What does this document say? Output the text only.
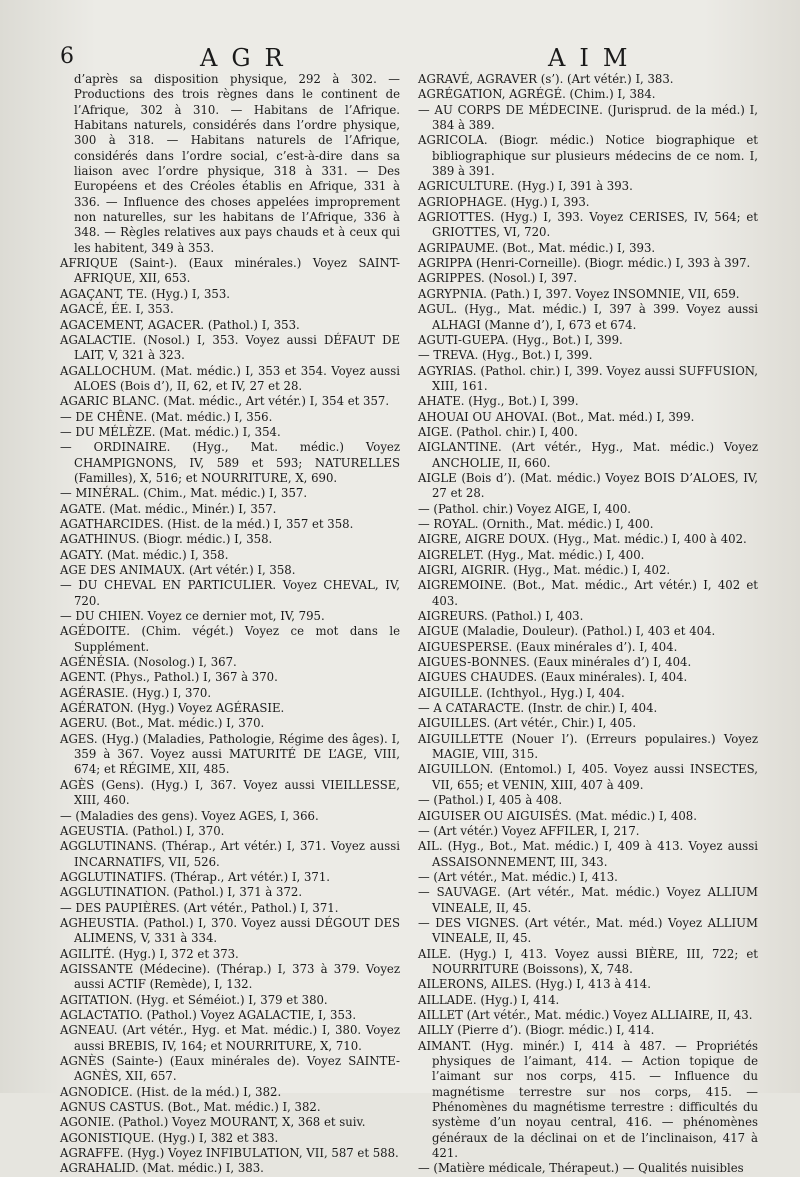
6	AGR	AIM
d’après sa disposition physique, 292 à 302. — Productions des trois règnes dans le continent de l’Afrique, 302 à 310. — Habitans de l’Afrique. Habitans naturels, considérés dans l’ordre physique, 300 à 318. — Habitans naturels de l’Afrique, considérés dans l’ordre social, c’est-à-dire dans sa liaison avec l’ordre physique, 318 à 331. — Des Européens et des Créoles établis en Afrique, 331 à 336. — Influence des choses appelées improprement non naturelles, sur les habitans de l’Afrique, 336 à 348. — Règles relatives aux pays chauds et à ceux qui les habitent, 349 à 353.
AFRIQUE (Saint-). (Eaux minérales.) Voyez SAINT-AFRIQUE, XII, 653.
AGAÇANT, TE. (Hyg.) I, 353.
AGACÉ, ÉE. I, 353.
AGACEMENT, AGACER. (Pathol.) I, 353.
AGALACTIE. (Nosol.) I, 353. Voyez aussi DÉFAUT DE LAIT, V, 321 à 323.
AGALLOCHUM. (Mat. médic.) I, 353 et 354. Voyez aussi ALOES (Bois d’), II, 62, et IV, 27 et 28.
AGARIC BLANC. (Mat. médic., Art vétér.) I, 354 et 357.
— DE CHÊNE. (Mat. médic.) I, 356.
— DU MÉLÈZE. (Mat. médic.) I, 354.
— ORDINAIRE. (Hyg., Mat. médic.) Voyez CHAMPIGNONS, IV, 589 et 593; NATURELLES (Familles), X, 516; et NOURRITURE, X, 690.
— MINÉRAL. (Chim., Mat. médic.) I, 357.
AGATE. (Mat. médic., Minér.) I, 357.
AGATHARCIDES. (Hist. de la méd.) I, 357 et 358.
AGATHINUS. (Biogr. médic.) I, 358.
AGATY. (Mat. médic.) I, 358.
AGE DES ANIMAUX. (Art vétér.) I, 358.
— DU CHEVAL EN PARTICULIER. Voyez CHEVAL, IV, 720.
— DU CHIEN. Voyez ce dernier mot, IV, 795.
AGÉDOITE. (Chim. végét.) Voyez ce mot dans le Supplément.
AGÉNÉSIA. (Nosolog.) I, 367.
AGENT. (Phys., Pathol.) I, 367 à 370.
AGÉRASIE. (Hyg.) I, 370.
AGÉRATON. (Hyg.) Voyez AGÉRASIE.
AGERU. (Bot., Mat. médic.) I, 370.
AGES. (Hyg.) (Maladies, Pathologie, Régime des âges). I, 359 à 367. Voyez aussi MATURITÉ DE L’AGE, VIII, 674; et RÉGIME, XII, 485.
AGÈS (Gens). (Hyg.) I, 367. Voyez aussi VIEILLESSE, XIII, 460.
— (Maladies des gens). Voyez AGES, I, 366.
AGEUSTIA. (Pathol.) I, 370.
AGGLUTINANS. (Thérap., Art vétér.) I, 371. Voyez aussi INCARNATIFS, VII, 526.
AGGLUTINATIFS. (Thérap., Art vétér.) I, 371.
AGGLUTINATION. (Pathol.) I, 371 à 372.
— DES PAUPIÈRES. (Art vétér., Pathol.) I, 371.
AGHEUSTIA. (Pathol.) I, 370. Voyez aussi DÉGOUT DES ALIMENS, V, 331 à 334.
AGILITÉ. (Hyg.) I, 372 et 373.
AGISSANTE (Médecine). (Thérap.) I, 373 à 379. Voyez aussi ACTIF (Remède), I, 132.
AGITATION. (Hyg. et Séméiot.) I, 379 et 380.
AGLACTATIO. (Pathol.) Voyez AGALACTIE, I, 353.
AGNEAU. (Art vétér., Hyg. et Mat. médic.) I, 380. Voyez aussi BREBIS, IV, 164; et NOURRITURE, X, 710.
AGNÈS (Sainte-) (Eaux minérales de). Voyez SAINTE-AGNÈS, XII, 657.
AGNODICE. (Hist. de la méd.) I, 382.
AGNUS CASTUS. (Bot., Mat. médic.) I, 382.
AGONIE. (Pathol.) Voyez MOURANT, X, 368 et suiv.
AGONISTIQUE. (Hyg.) I, 382 et 383.
AGRAFFE. (Hyg.) Voyez INFIBULATION, VII, 587 et 588.
AGRAHALID. (Mat. médic.) I, 383.
AGRAVÉ, AGRAVER (s’). (Art vétér.) I, 383.
AGRÉGATION, AGRÉGÉ. (Chim.) I, 384.
— AU CORPS DE MÉDECINE. (Jurisprud. de la méd.) I, 384 à 389.
AGRICOLA. (Biogr. médic.) Notice biographique et bibliographique sur plusieurs médecins de ce nom. I, 389 à 391.
AGRICULTURE. (Hyg.) I, 391 à 393.
AGRIOPHAGE. (Hyg.) I, 393.
AGRIOTTES. (Hyg.) I, 393. Voyez CERISES, IV, 564; et GRIOTTES, VI, 720.
AGRIPAUME. (Bot., Mat. médic.) I, 393.
AGRIPPA (Henri-Corneille). (Biogr. médic.) I, 393 à 397.
AGRIPPES. (Nosol.) I, 397.
AGRYPNIA. (Path.) I, 397. Voyez INSOMNIE, VII, 659.
AGUL. (Hyg., Mat. médic.) I, 397 à 399. Voyez aussi ALHAGI (Manne d’), I, 673 et 674.
AGUTI-GUEPA. (Hyg., Bot.) I, 399.
— TREVA. (Hyg., Bot.) I, 399.
AGYRIAS. (Pathol. chir.) I, 399. Voyez aussi SUFFUSION, XIII, 161.
AHATE. (Hyg., Bot.) I, 399.
AHOUAI OU AHOVAI. (Bot., Mat. méd.) I, 399.
AIGE. (Pathol. chir.) I, 400.
AIGLANTINE. (Art vétér., Hyg., Mat. médic.) Voyez ANCHOLIE, II, 660.
AIGLE (Bois d’). (Mat. médic.) Voyez BOIS D’ALOES, IV, 27 et 28.
— (Pathol. chir.) Voyez AIGE, I, 400.
— ROYAL. (Ornith., Mat. médic.) I, 400.
AIGRE, AIGRE DOUX. (Hyg., Mat. médic.) I, 400 à 402.
AIGRELET. (Hyg., Mat. médic.) I, 400.
AIGRI, AIGRIR. (Hyg., Mat. médic.) I, 402.
AIGREMOINE. (Bot., Mat. médic., Art vétér.) I, 402 et 403.
AIGREURS. (Pathol.) I, 403.
AIGUE (Maladie, Douleur). (Pathol.) I, 403 et 404.
AIGUESPERSE. (Eaux minérales d’). I, 404.
AIGUES-BONNES. (Eaux minérales d’) I, 404.
AIGUES CHAUDES. (Eaux minérales). I, 404.
AIGUILLE. (Ichthyol., Hyg.) I, 404.
— A CATARACTE. (Instr. de chir.) I, 404.
AIGUILLES. (Art vétér., Chir.) I, 405.
AIGUILLETTE (Nouer l’). (Erreurs populaires.) Voyez MAGIE, VIII, 315.
AIGUILLON. (Entomol.) I, 405. Voyez aussi INSECTES, VII, 655; et VENIN, XIII, 407 à 409.
— (Pathol.) I, 405 à 408.
AIGUISER OU AIGUISÉS. (Mat. médic.) I, 408.
— (Art vétér.) Voyez AFFILER, I, 217.
AIL. (Hyg., Bot., Mat. médic.) I, 409 à 413. Voyez aussi ASSAISONNEMENT, III, 343.
— (Art vétér., Mat. médic.) I, 413.
— SAUVAGE. (Art vétér., Mat. médic.) Voyez ALLIUM VINEALE, II, 45.
— DES VIGNES. (Art vétér., Mat. méd.) Voyez ALLIUM VINEALE, II, 45.
AILE. (Hyg.) I, 413. Voyez aussi BIÈRE, III, 722; et NOURRITURE (Boissons), X, 748.
AILERONS, AILES. (Hyg.) I, 413 à 414.
AILLADE. (Hyg.) I, 414.
AILLET (Art vétér., Mat. médic.) Voyez ALLIAIRE, II, 43.
AILLY (Pierre d’). (Biogr. médic.) I, 414.
AIMANT. (Hyg. minér.) I, 414 à 487. — Propriétés physiques de l’aimant, 414. — Action topique de l’aimant sur nos corps, 415. — Influence du magnétisme terrestre sur nos corps, 415. — Phénomènes du magnétisme terrestre : difficultés du système d’un noyau central, 416. — phénomènes généraux de la déclinai on et de l’inclinaison, 417 à 421.
— (Matière médicale, Thérapeut.) — Qualités nuisibles
